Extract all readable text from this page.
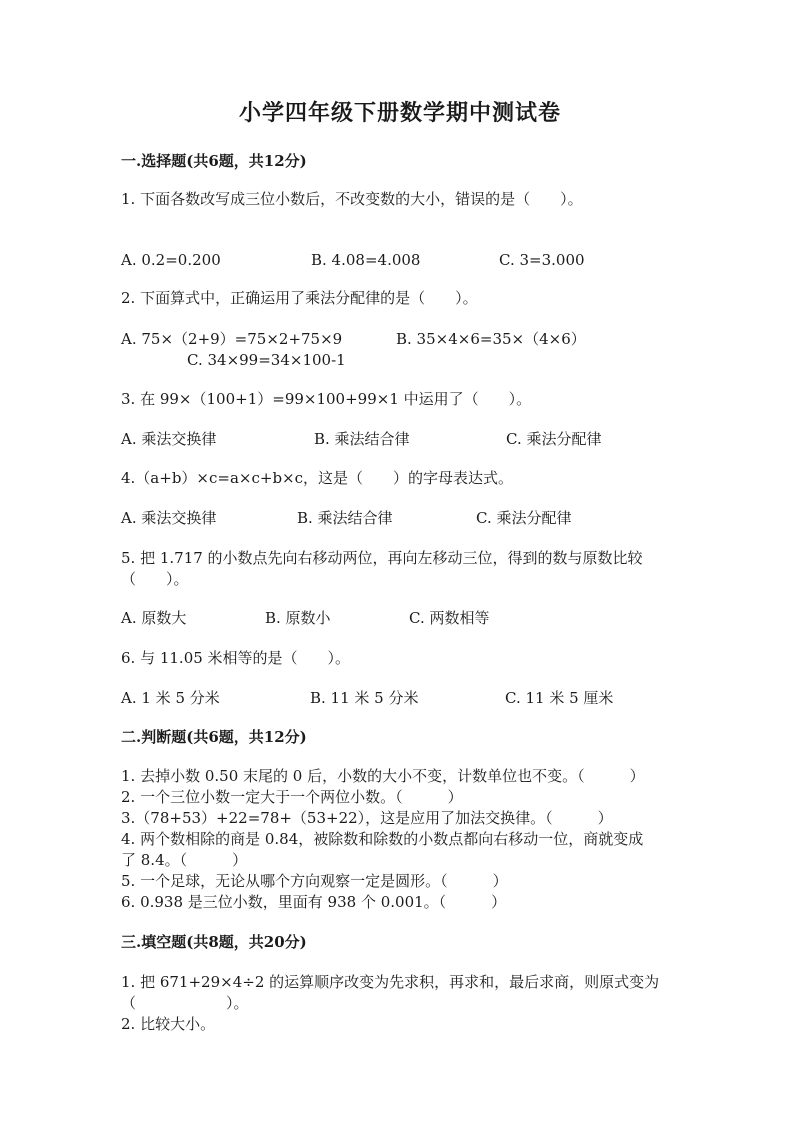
小学四年级下册数学期中测试卷
一.选择题(共6题，共12分)
1. 下面各数改写成三位小数后，不改变数的大小，错误的是（　　）。
A. 0.2=0.200	B. 4.08=4.008	C. 3=3.000
2. 下面算式中，正确运用了乘法分配律的是（　　）。
A. 75×（2+9）=75×2+75×9	B. 35×4×6=35×（4×6）
C. 34×99=34×100-1
3. 在 99×（100+1）=99×100+99×1 中运用了（　　）。
A. 乘法交换律	B. 乘法结合律	C. 乘法分配律
4.（a+b）×c=a×c+b×c，这是（　　）的字母表达式。
A. 乘法交换律	B. 乘法结合律	C. 乘法分配律
5. 把 1.717 的小数点先向右移动两位，再向左移动三位，得到的数与原数比较
（　　）。
A. 原数大	B. 原数小	C. 两数相等
6. 与 11.05 米相等的是（　　）。
A. 1 米 5 分米	B. 11 米 5 分米	C. 11 米 5 厘米
二.判断题(共6题，共12分)
1. 去掉小数 0.50 末尾的 0 后，小数的大小不变，计数单位也不变。（　　　）
2. 一个三位小数一定大于一个两位小数。（　　　）
3.（78+53）+22=78+（53+22），这是应用了加法交换律。（　　　）
4. 两个数相除的商是 0.84，被除数和除数的小数点都向右移动一位，商就变成
了 8.4。（　　　）
5. 一个足球，无论从哪个方向观察一定是圆形。（　　　）
6. 0.938 是三位小数，里面有 938 个 0.001。（　　　）
三.填空题(共8题，共20分)
1. 把 671+29×4÷2 的运算顺序改变为先求积，再求和，最后求商，则原式变为
（　　　　　　）。
2. 比较大小。
